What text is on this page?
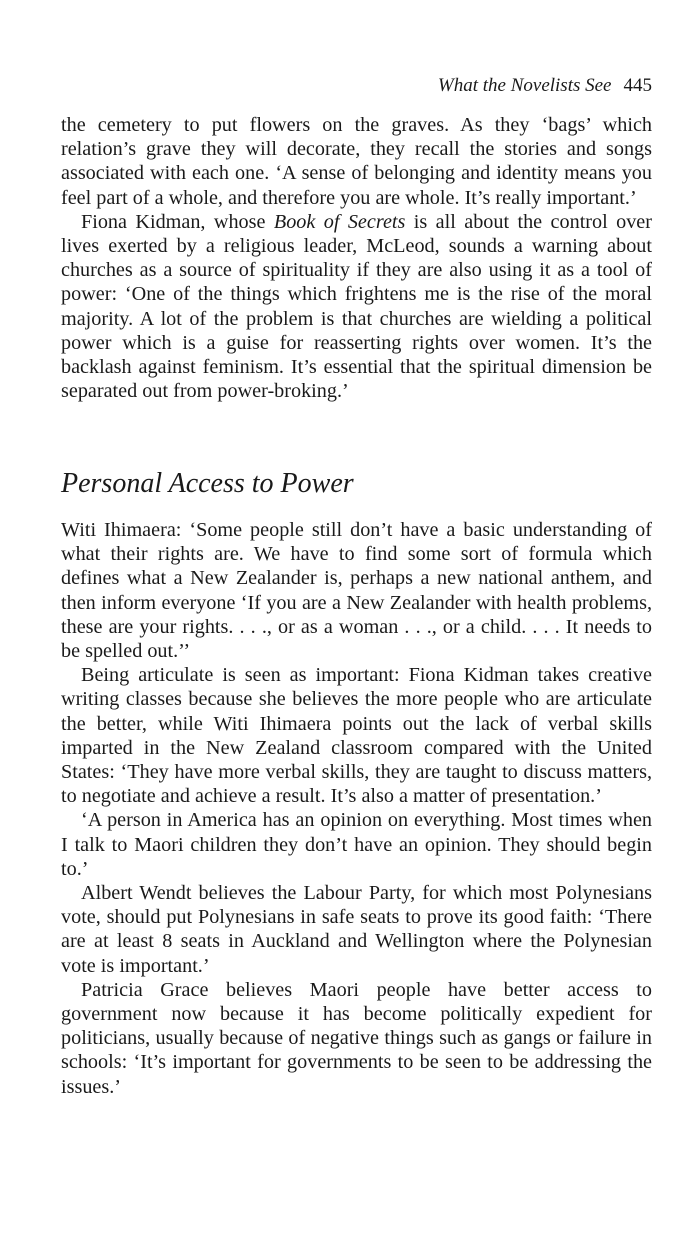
What the Novelists See 445

the cemetery to put flowers on the graves. As they ‘bags’ which relation’s grave they will decorate, they recall the stories and songs associated with each one. ‘A sense of belonging and identity means you feel part of a whole, and therefore you are whole. It’s really important.’

Fiona Kidman, whose Book of Secrets is all about the control over lives exerted by a religious leader, McLeod, sounds a warning about churches as a source of spirituality if they are also using it as a tool of power: ‘One of the things which frightens me is the rise of the moral majority. A lot of the problem is that churches are wielding a political power which is a guise for reasserting rights over women. It’s the backlash against feminism. It’s essential that the spiritual dimension be separated out from power-broking.’

Personal Access to Power

Witi Ihimaera: ‘Some people still don’t have a basic understanding of what their rights are. We have to find some sort of formula which defines what a New Zealander is, perhaps a new national anthem, and then inform everyone ‘If you are a New Zealander with health problems, these are your rights. . . ., or as a woman . . ., or a child. . . . It needs to be spelled out.’’

Being articulate is seen as important: Fiona Kidman takes creative writing classes because she believes the more people who are articulate the better, while Witi Ihimaera points out the lack of verbal skills imparted in the New Zealand classroom compared with the United States: ‘They have more verbal skills, they are taught to discuss matters, to negotiate and achieve a result. It’s also a matter of presentation.’

‘A person in America has an opinion on everything. Most times when I talk to Maori children they don’t have an opinion. They should begin to.’

Albert Wendt believes the Labour Party, for which most Polynesians vote, should put Polynesians in safe seats to prove its good faith: ‘There are at least 8 seats in Auckland and Wellington where the Polynesian vote is important.’

Patricia Grace believes Maori people have better access to government now because it has become politically expedient for politicians, usually because of negative things such as gangs or failure in schools: ‘It’s important for governments to be seen to be addressing the issues.’
